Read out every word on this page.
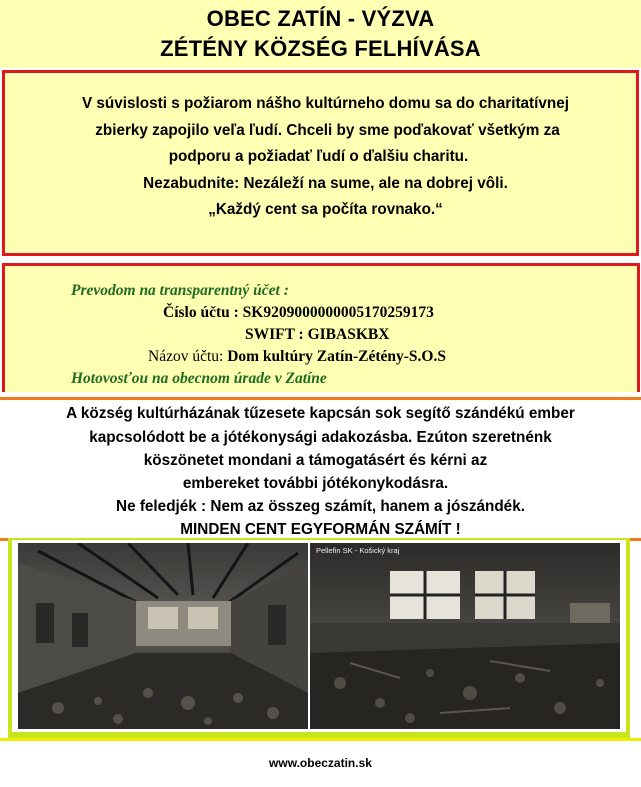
OBEC ZATÍN - VÝZVA
ZÉTÉNY KÖZSÉG FELHÍVÁSA
V súvislosti s požiarom nášho kultúrneho domu sa do charitatívnej
zbierky zapojilo veľa ľudí. Chceli by sme poďakovať všetkým za
podporu a požiadať ľudí o ďalšiu charitu.
Nezabudnite: Nezáleží na sume, ale na dobrej vôli.
„Každý cent sa počíta rovnako.“
Prevodom na transparentný účet :
Číslo účtu : SK9209000000005170259173
SWIFT : GIBASKBX
Názov účtu: Dom kultúry Zatín-Zétény-S.O.S
Hotovosťou na obecnom úrade v Zatíne
A község kultúrházának tűzesete kapcsán sok segítő szándékú ember
kapcsolódott be a jótékonysági adakozásba. Ezúton szeretnénk
köszönetet mondani a támogatásért és kérni az
embereket további jótékonykodásra.
Ne feledjék : Nem az összeg számít, hanem a jószándék.
MINDEN CENT EGYFORMÁN SZÁMÍT !
Pellefin SK - Košický kraj
www.obeczatin.sk
